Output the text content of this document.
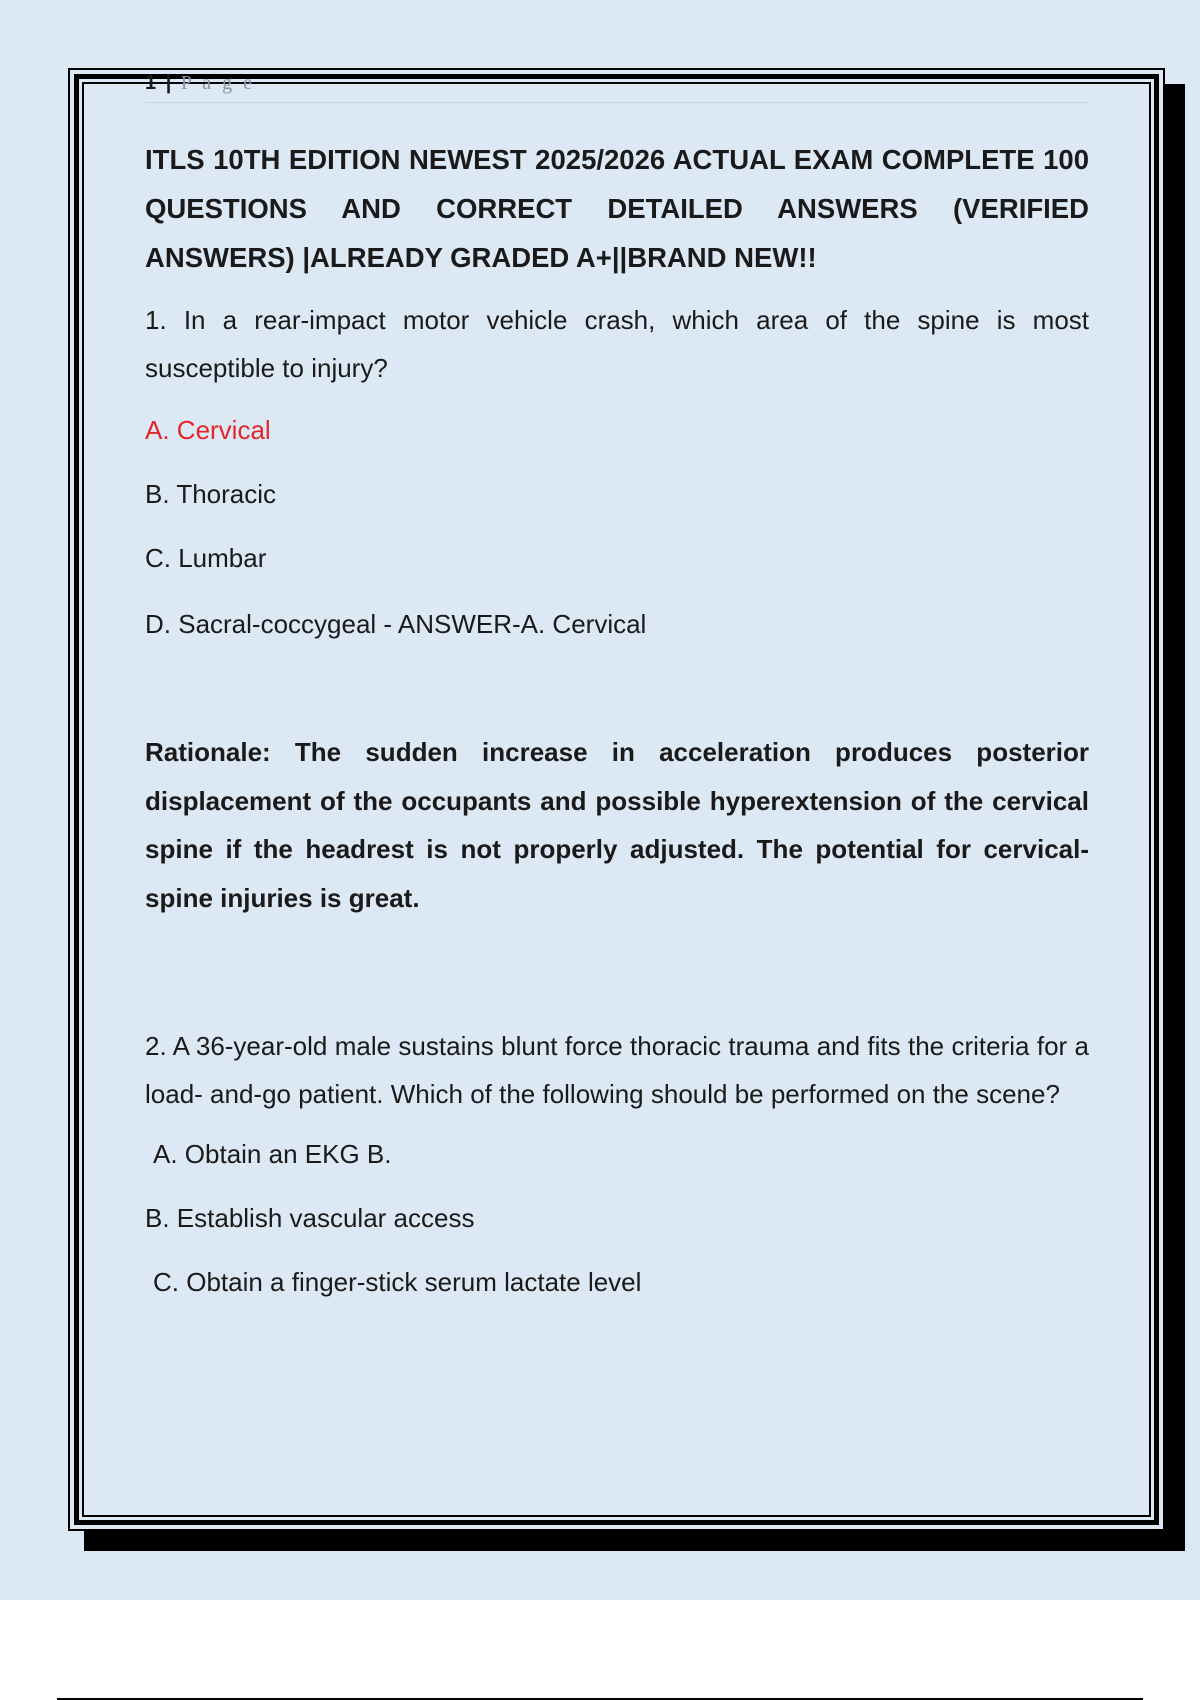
1 | P a g e

ITLS 10TH EDITION NEWEST 2025/2026 ACTUAL EXAM COMPLETE 100 QUESTIONS AND CORRECT DETAILED ANSWERS (VERIFIED ANSWERS) |ALREADY GRADED A+||BRAND NEW!!

1. In a rear-impact motor vehicle crash, which area of the spine is most susceptible to injury?

A. Cervical

B. Thoracic

C. Lumbar

D. Sacral-coccygeal - ANSWER-A. Cervical

Rationale: The sudden increase in acceleration produces posterior displacement of the occupants and possible hyperextension of the cervical spine if the headrest is not properly adjusted. The potential for cervical-spine injuries is great.

2. A 36-year-old male sustains blunt force thoracic trauma and fits the criteria for a load- and-go patient. Which of the following should be performed on the scene?

A. Obtain an EKG B.

B. Establish vascular access

C. Obtain a finger-stick serum lactate level
